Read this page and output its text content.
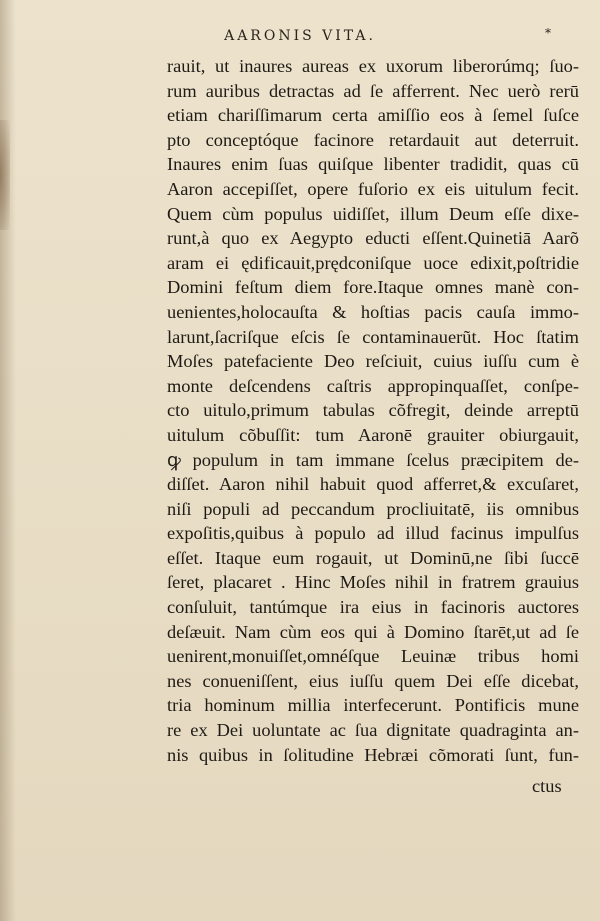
AARONIS VITA.	*
rauit, ut inaures aureas ex uxorum liberorúmq; ſuo-
rum auribus detractas ad ſe afferrent. Nec uerò rerū
etiam chariſſimarum certa amiſſio eos à ſemel ſuſce
pto conceptóque facinore retardauit aut deterruit.
Inaures enim ſuas quiſque libenter tradidit, quas cū
Aaron accepiſſet, opere fuſorio ex eis uitulum fecit.
Quem cùm populus uidiſſet, illum Deum eſſe dixe-
runt,à quo ex Aegypto educti eſſent.Quinetiā Aarõ
aram ei ędificauit,prędconiſque uoce edixit,poſtridie
Domini feſtum diem fore.Itaque omnes manè con-
uenientes,holocauſta & hoſtias pacis cauſa immo-
larunt,ſacriſque eſcis ſe contaminauerũt. Hoc ſtatim
Moſes patefaciente Deo reſciuit, cuius iuſſu cum è
monte deſcendens caſtris appropinquaſſet, conſpe-
cto uitulo,primum tabulas cõfregit, deinde arreptū
uitulum cõbuſſit: tum Aaronē grauiter obiurgauit,
ꝙ populum in tam immane ſcelus præcipitem de-
diſſet. Aaron nihil habuit quod afferret,& excuſaret,
niſi populi ad peccandum procliuitatē, iis omnibus
expoſitis,quibus à populo ad illud facinus impulſus
eſſet. Itaque eum rogauit, ut Dominū,ne ſibi ſuccē
ſeret, placaret . Hinc Moſes nihil in fratrem grauius
conſuluit, tantúmque ira eius in facinoris auctores
deſæuit. Nam cùm eos qui à Domino ſtarēt,ut ad ſe
uenirent,monuiſſet,omnéſque Leuinæ tribus homi
nes conueniſſent, eius iuſſu quem Dei eſſe dicebat,
tria hominum millia interfecerunt. Pontificis mune
re ex Dei uoluntate ac ſua dignitate quadraginta an-
nis quibus in ſolitudine Hebræi cõmorati ſunt, fun-
ctus
